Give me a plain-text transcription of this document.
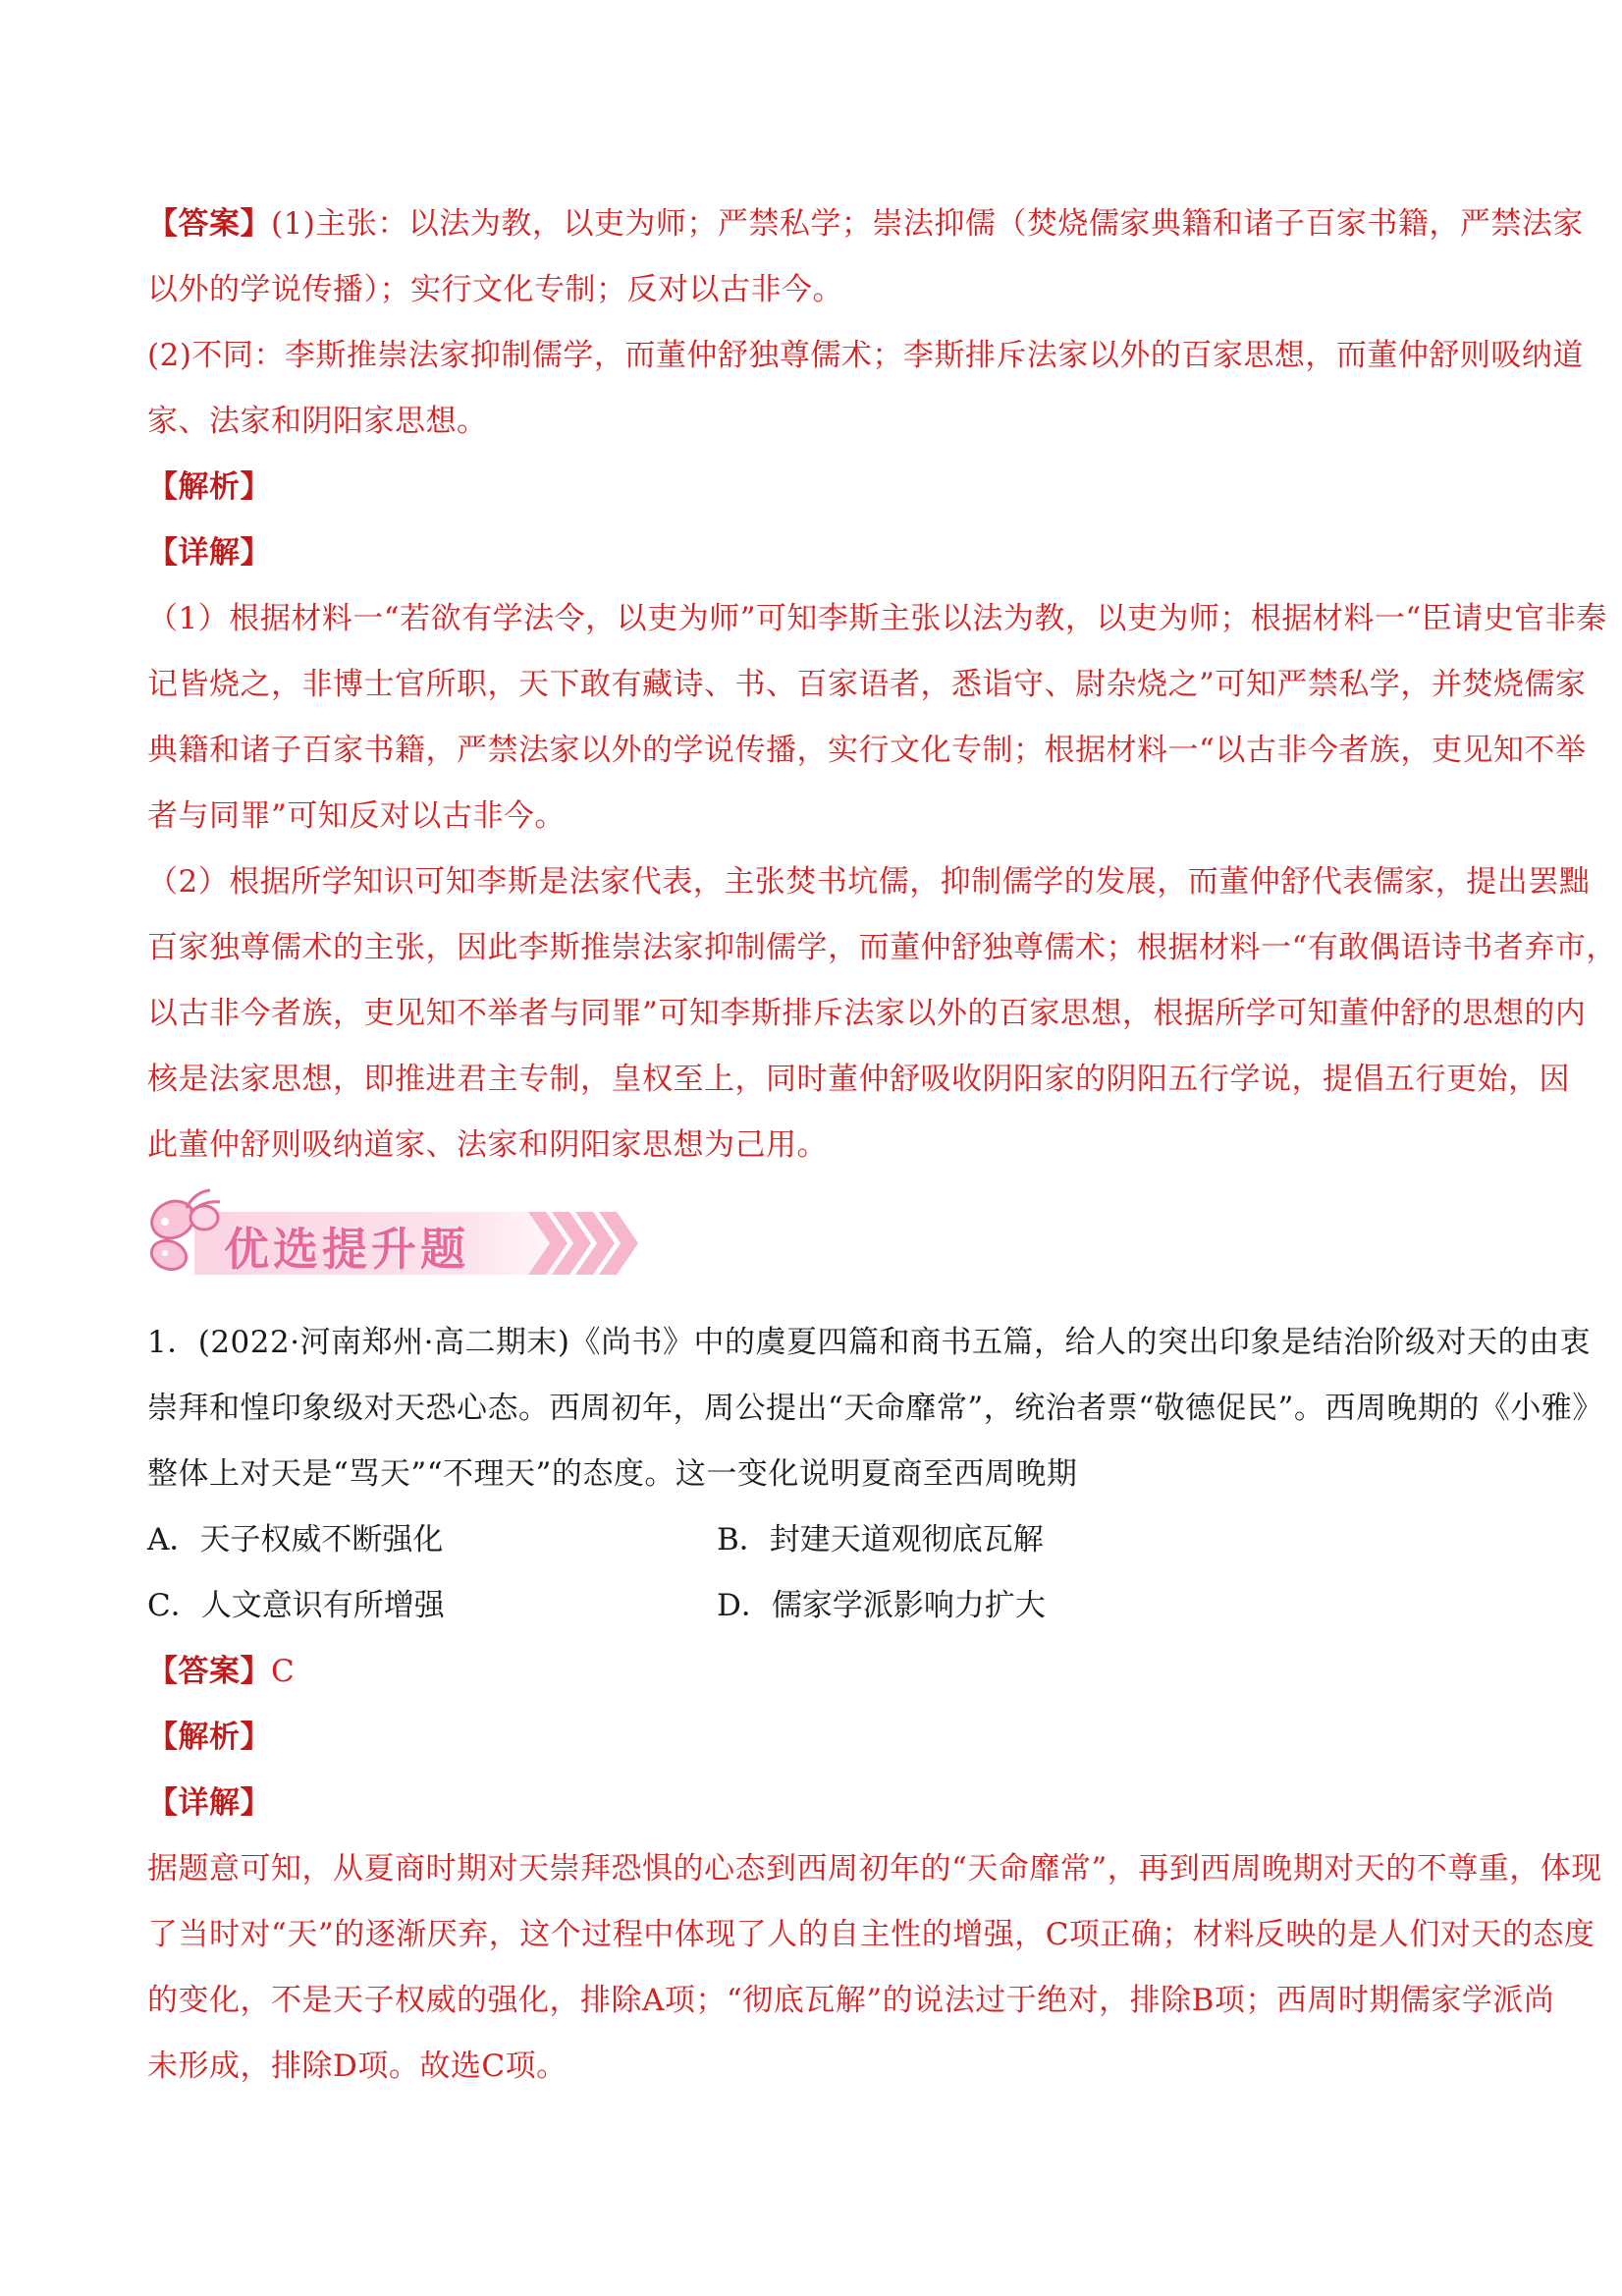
【答案】(1)主张：以法为教，以吏为师；严禁私学；崇法抑儒（焚烧儒家典籍和诸子百家书籍，严禁法家
以外的学说传播）；实行文化专制；反对以古非今。
(2)不同：李斯推崇法家抑制儒学，而董仲舒独尊儒术；李斯排斥法家以外的百家思想，而董仲舒则吸纳道
家、法家和阴阳家思想。
【解析】
【详解】
（1）根据材料一“若欲有学法令，以吏为师”可知李斯主张以法为教，以吏为师；根据材料一“臣请史官非秦
记皆烧之，非博士官所职，天下敢有藏诗、书、百家语者，悉诣守、尉杂烧之”可知严禁私学，并焚烧儒家
典籍和诸子百家书籍，严禁法家以外的学说传播，实行文化专制；根据材料一“以古非今者族，吏见知不举
者与同罪”可知反对以古非今。
（2）根据所学知识可知李斯是法家代表，主张焚书坑儒，抑制儒学的发展，而董仲舒代表儒家，提出罢黜
百家独尊儒术的主张，因此李斯推崇法家抑制儒学，而董仲舒独尊儒术；根据材料一“有敢偶语诗书者弃市，
以古非今者族，吏见知不举者与同罪”可知李斯排斥法家以外的百家思想，根据所学可知董仲舒的思想的内
核是法家思想，即推进君主专制，皇权至上，同时董仲舒吸收阴阳家的阴阳五行学说，提倡五行更始，因
此董仲舒则吸纳道家、法家和阴阳家思想为己用。
优选提升题
1．(2022·河南郑州·高二期末)《尚书》中的虞夏四篇和商书五篇，给人的突出印象是结治阶级对天的由衷
崇拜和惶印象级对天恐心态。西周初年，周公提出“天命靡常”，统治者票“敬德促民”。西周晚期的《小雅》
整体上对天是“骂天”“不理天”的态度。这一变化说明夏商至西周晚期
A．天子权威不断强化	B．封建天道观彻底瓦解
C．人文意识有所增强	D．儒家学派影响力扩大
【答案】C
【解析】
【详解】
据题意可知，从夏商时期对天崇拜恐惧的心态到西周初年的“天命靡常”，再到西周晚期对天的不尊重，体现
了当时对“天”的逐渐厌弃，这个过程中体现了人的自主性的增强，C项正确；材料反映的是人们对天的态度
的变化，不是天子权威的强化，排除A项；“彻底瓦解”的说法过于绝对，排除B项；西周时期儒家学派尚
未形成，排除D项。故选C项。
